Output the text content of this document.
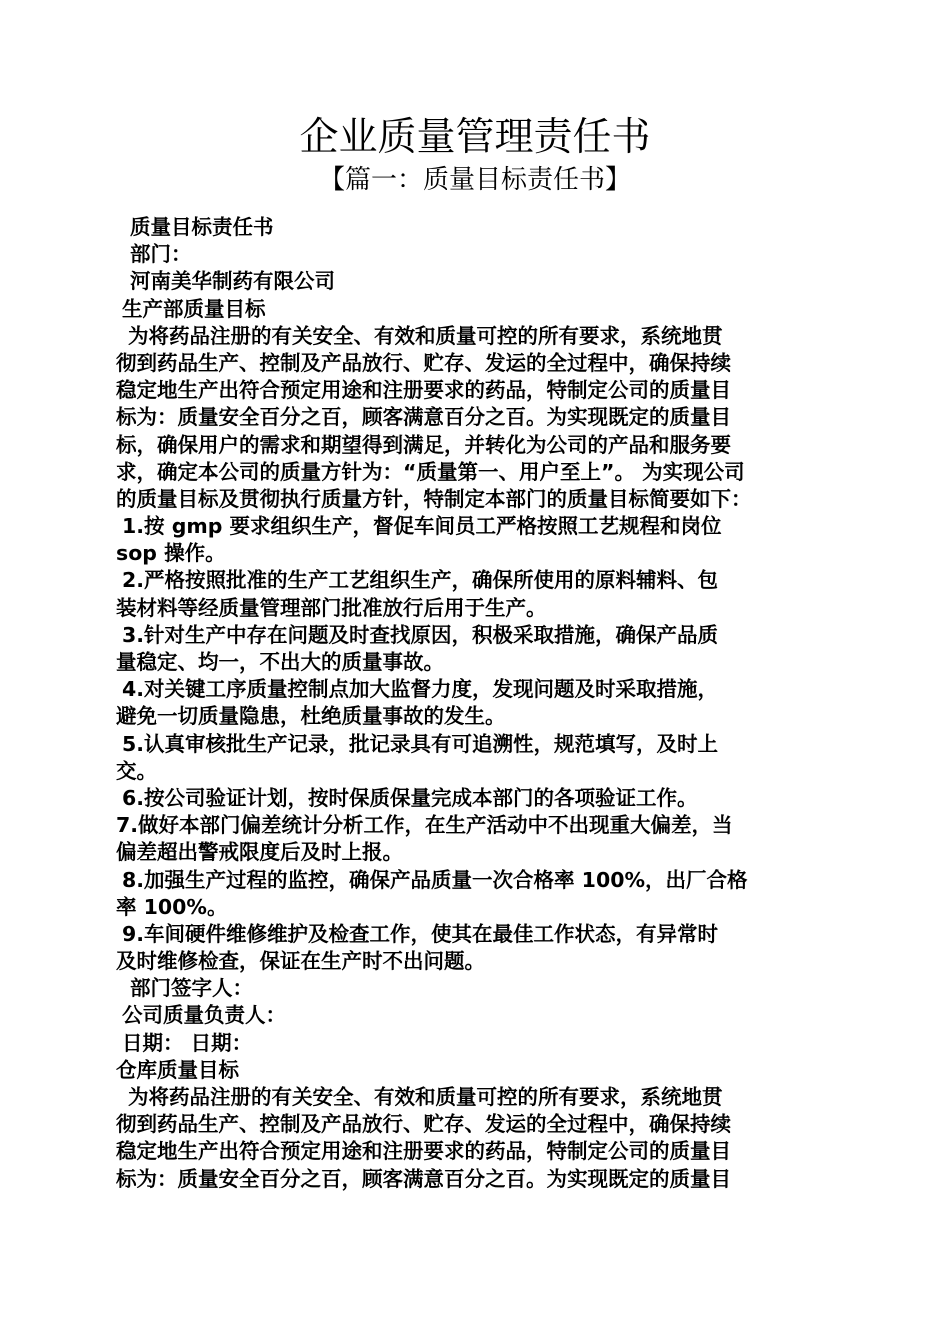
企业质量管理责任书
【篇一：质量目标责任书】
质量目标责任书
部门：
河南美华制药有限公司
生产部质量目标
为将药品注册的有关安全、有效和质量可控的所有要求，系统地贯
彻到药品生产、控制及产品放行、贮存、发运的全过程中，确保持续
稳定地生产出符合预定用途和注册要求的药品，特制定公司的质量目
标为：质量安全百分之百，顾客满意百分之百。为实现既定的质量目
标，确保用户的需求和期望得到满足，并转化为公司的产品和服务要
求，确定本公司的质量方针为：“质量第一、用户至上”。 为实现公司
的质量目标及贯彻执行质量方针，特制定本部门的质量目标简要如下：
1.按 gmp 要求组织生产，督促车间员工严格按照工艺规程和岗位
sop 操作。
2.严格按照批准的生产工艺组织生产，确保所使用的原料辅料、包
装材料等经质量管理部门批准放行后用于生产。
3.针对生产中存在问题及时查找原因，积极采取措施，确保产品质
量稳定、均一，不出大的质量事故。
4.对关键工序质量控制点加大监督力度，发现问题及时采取措施，
避免一切质量隐患，杜绝质量事故的发生。
5.认真审核批生产记录，批记录具有可追溯性，规范填写，及时上
交。
6.按公司验证计划，按时保质保量完成本部门的各项验证工作。
7.做好本部门偏差统计分析工作，在生产活动中不出现重大偏差，当
偏差超出警戒限度后及时上报。
8.加强生产过程的监控，确保产品质量一次合格率 100%，出厂合格
率 100%。
9.车间硬件维修维护及检查工作，使其在最佳工作状态，有异常时
及时维修检查，保证在生产时不出问题。
部门签字人：
公司质量负责人：
日期： 日期：
仓库质量目标
为将药品注册的有关安全、有效和质量可控的所有要求，系统地贯
彻到药品生产、控制及产品放行、贮存、发运的全过程中，确保持续
稳定地生产出符合预定用途和注册要求的药品，特制定公司的质量目
标为：质量安全百分之百，顾客满意百分之百。为实现既定的质量目
